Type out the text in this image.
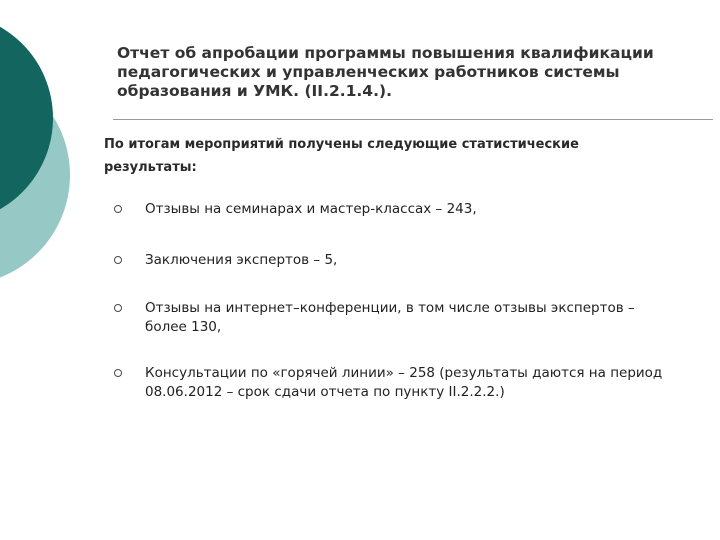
Отчет об апробации программы повышения квалификации
педагогических и управленческих работников системы
образования и УМК. (II.2.1.4.).

По итогам мероприятий получены следующие статистические
результаты:

Отзывы на семинарах и мастер-классах – 243,
Заключения экспертов – 5,
Отзывы на интернет–конференции, в том числе отзывы экспертов –
более 130,
Консультации по «горячей линии» – 258 (результаты даются на период
08.06.2012 – срок сдачи отчета по пункту II.2.2.2.)
